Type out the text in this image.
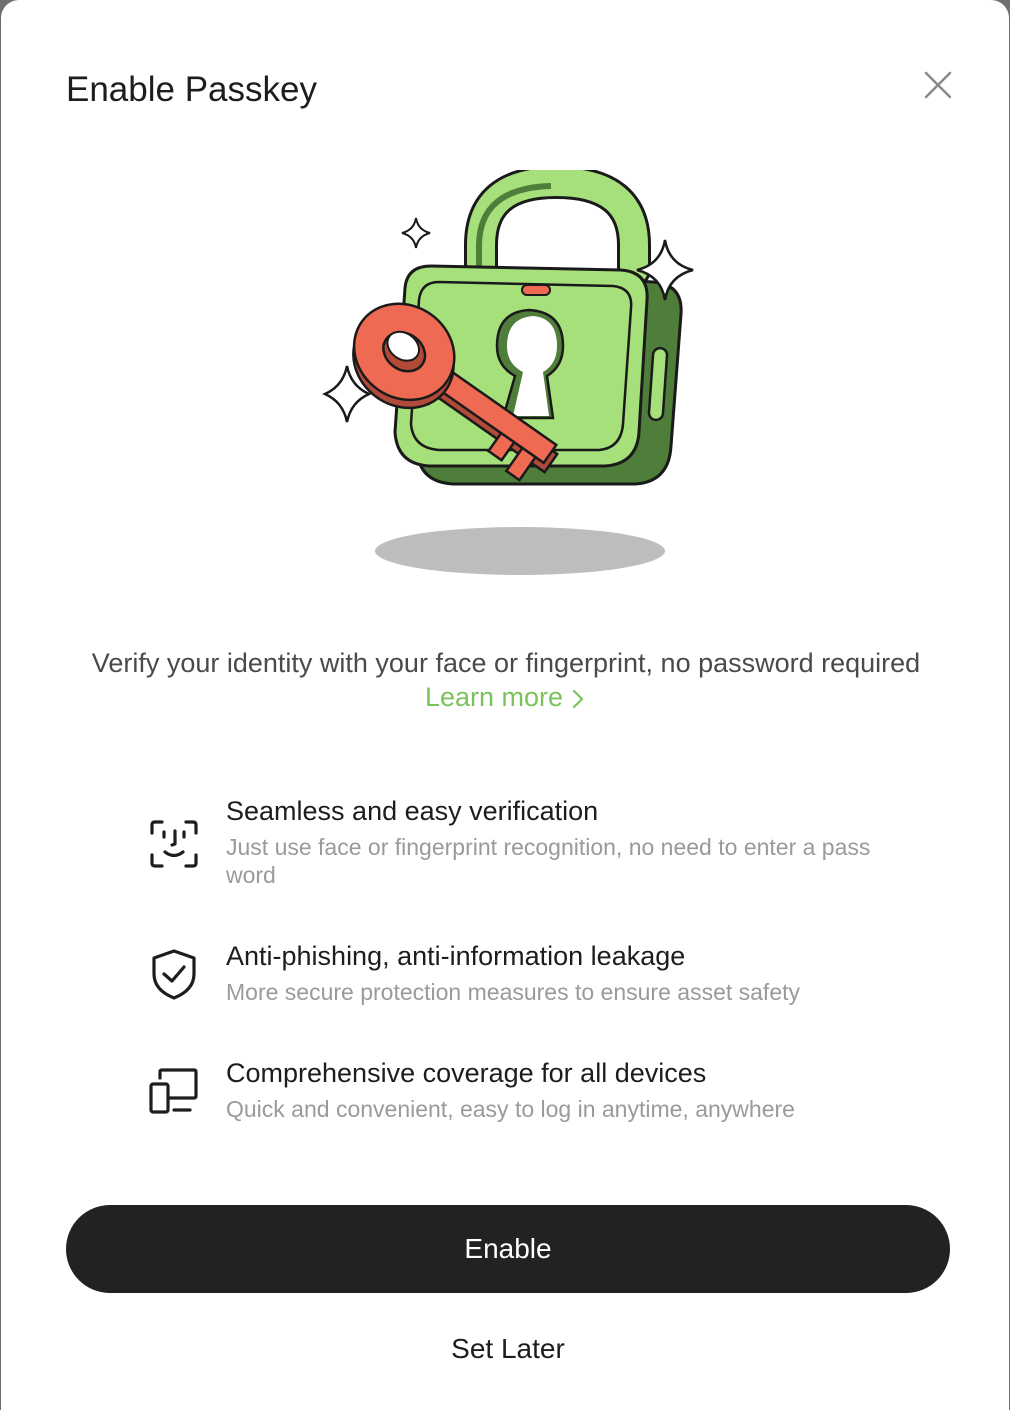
Enable Passkey
Verify your identity with your face or fingerprint, no password required
Learn more
Seamless and easy verification
Just use face or fingerprint recognition, no need to enter a password
Anti-phishing, anti-information leakage
More secure protection measures to ensure asset safety
Comprehensive coverage for all devices
Quick and convenient, easy to log in anytime, anywhere
Enable
Set Later
